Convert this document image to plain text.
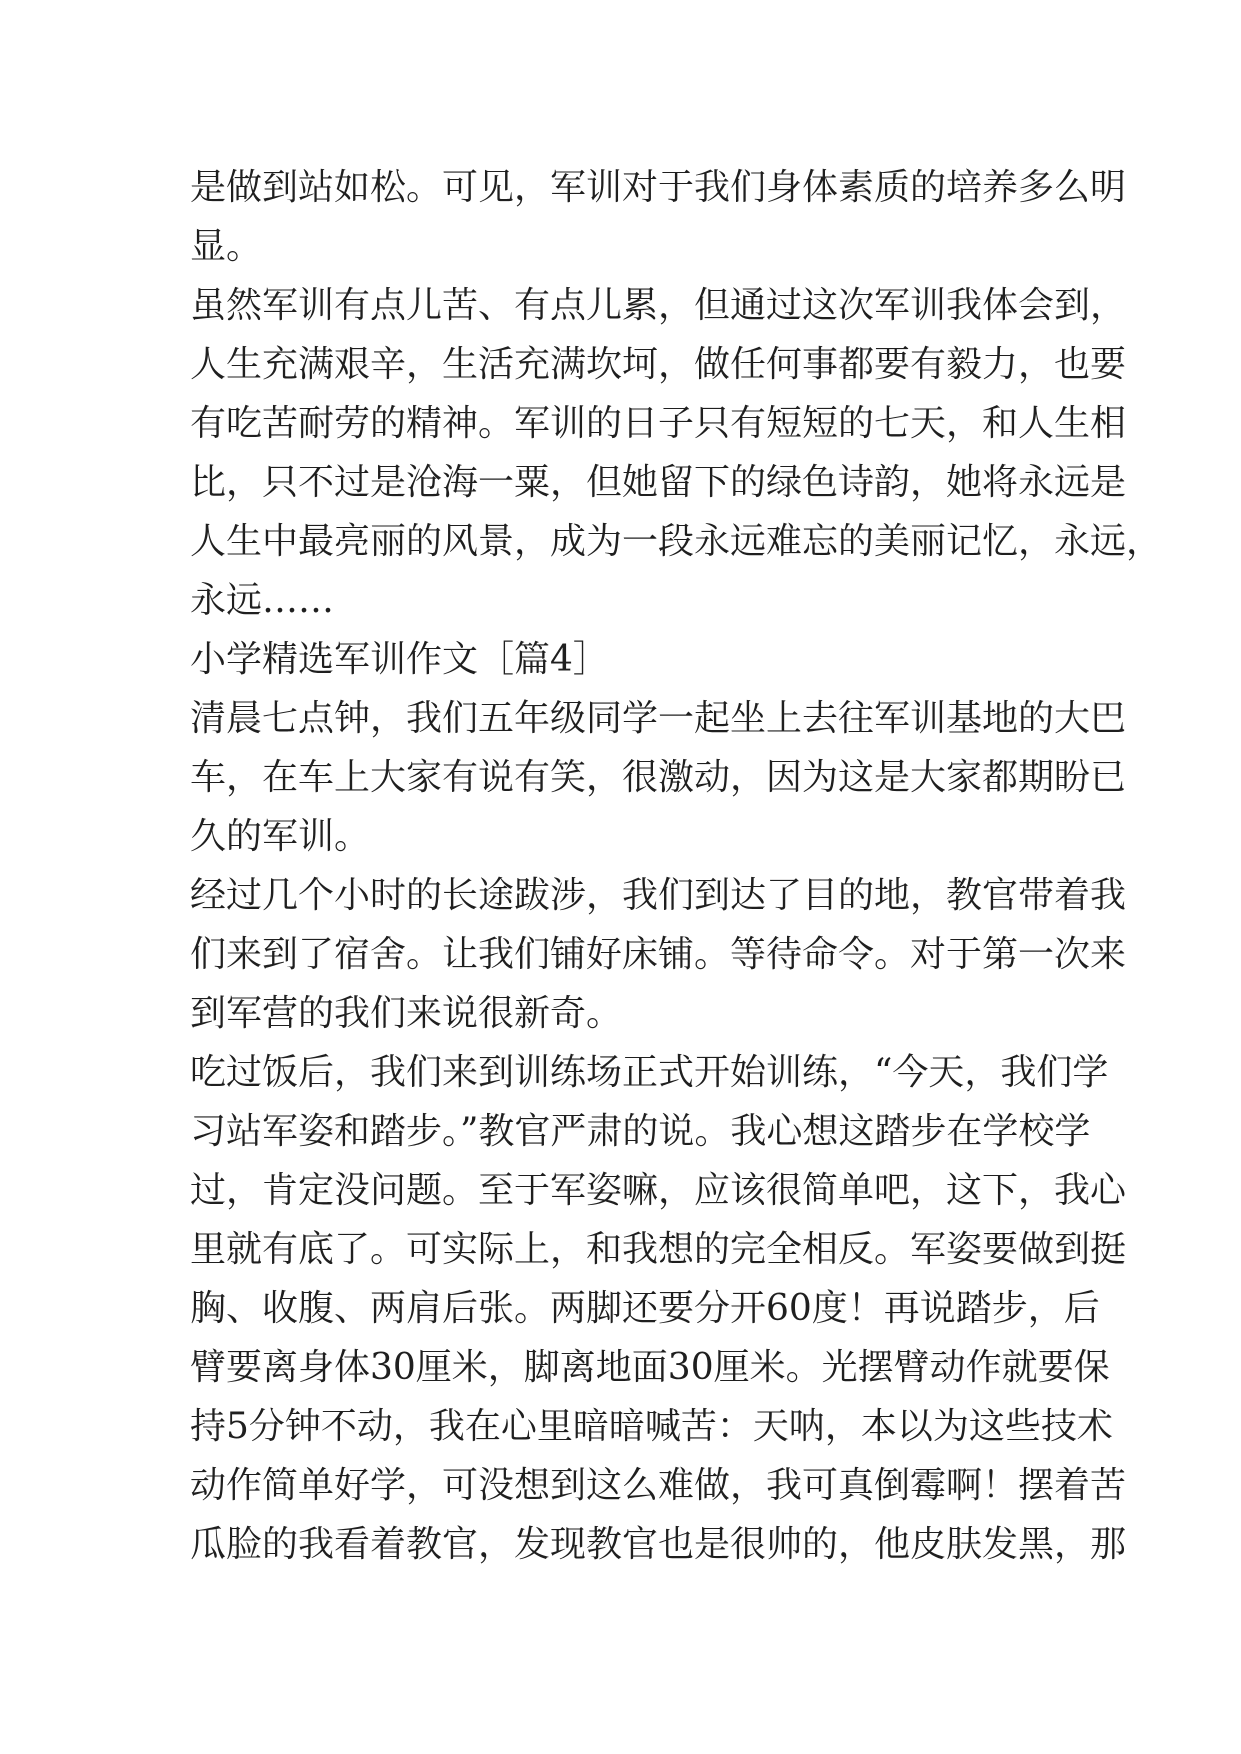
是做到站如松。可见，军训对于我们身体素质的培养多么明
显。
虽然军训有点儿苦、有点儿累，但通过这次军训我体会到，
人生充满艰辛，生活充满坎坷，做任何事都要有毅力，也要
有吃苦耐劳的精神。军训的日子只有短短的七天，和人生相
比，只不过是沧海一粟，但她留下的绿色诗韵，她将永远是
人生中最亮丽的风景，成为一段永远难忘的美丽记忆，永远，
永远……
小学精选军训作文［篇4］
清晨七点钟，我们五年级同学一起坐上去往军训基地的大巴
车，在车上大家有说有笑，很激动，因为这是大家都期盼已
久的军训。
经过几个小时的长途跋涉，我们到达了目的地，教官带着我
们来到了宿舍。让我们铺好床铺。等待命令。对于第一次来
到军营的我们来说很新奇。
吃过饭后，我们来到训练场正式开始训练，“今天，我们学
习站军姿和踏步。”教官严肃的说。我心想这踏步在学校学
过，肯定没问题。至于军姿嘛，应该很简单吧，这下，我心
里就有底了。可实际上，和我想的完全相反。军姿要做到挺
胸、收腹、两肩后张。两脚还要分开60度！再说踏步，后
臂要离身体30厘米，脚离地面30厘米。光摆臂动作就要保
持5分钟不动，我在心里暗暗喊苦：天呐，本以为这些技术
动作简单好学，可没想到这么难做，我可真倒霉啊！摆着苦
瓜脸的我看着教官，发现教官也是很帅的，他皮肤发黑，那
